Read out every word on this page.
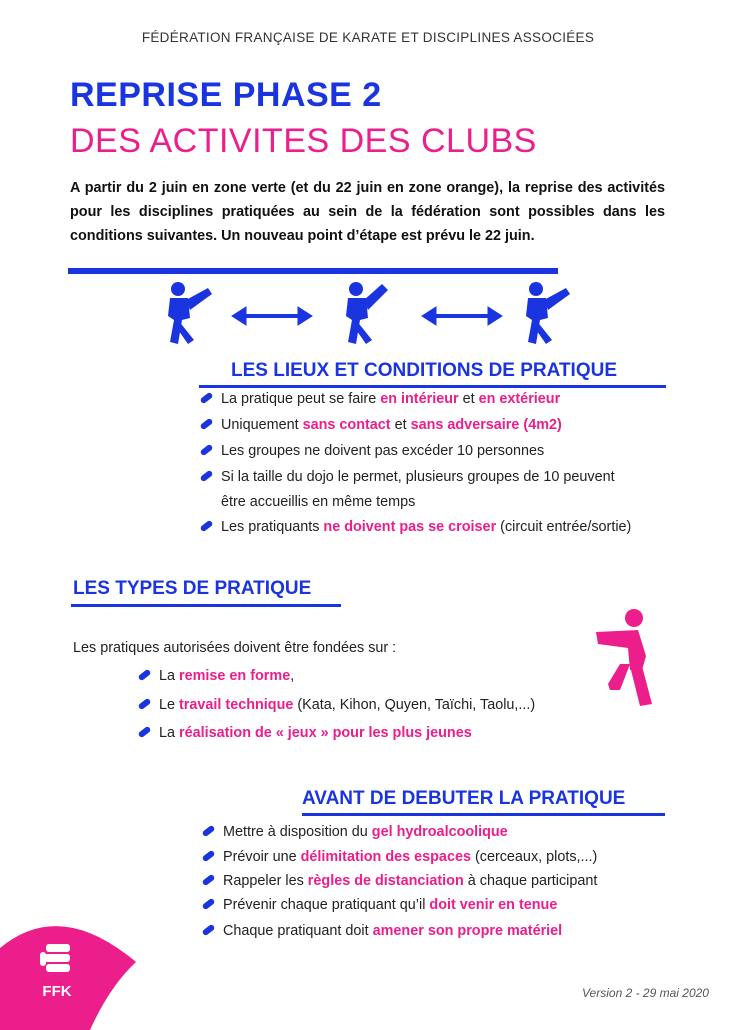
FÉDÉRATION FRANÇAISE DE KARATE ET DISCIPLINES ASSOCIÉES
REPRISE PHASE 2
DES ACTIVITES DES CLUBS
A partir du 2 juin en zone verte (et du 22 juin en zone orange), la reprise des activités pour les disciplines pratiquées au sein de la fédération sont possibles dans les conditions suivantes. Un nouveau point d’étape est prévu le 22 juin.
LES LIEUX ET CONDITIONS DE PRATIQUE
La pratique peut se faire en intérieur et en extérieur
Uniquement sans contact et sans adversaire (4m2)
Les groupes ne doivent pas excéder 10 personnes
Si la taille du dojo le permet, plusieurs groupes de 10 peuvent
être accueillis en même temps
Les pratiquants ne doivent pas se croiser (circuit entrée/sortie)
LES TYPES DE PRATIQUE
Les pratiques autorisées doivent être fondées sur :
La remise en forme,
Le travail technique (Kata, Kihon, Quyen, Taïchi, Taolu,...)
La réalisation de « jeux » pour les plus jeunes
AVANT DE DEBUTER LA PRATIQUE
Mettre à disposition du gel hydroalcoolique
Prévoir une délimitation des espaces (cerceaux, plots,...)
Rappeler les règles de distanciation à chaque participant
Prévenir chaque pratiquant qu’il doit venir en tenue
Chaque pratiquant doit amener son propre matériel
FFK	Version 2 - 29 mai 2020
